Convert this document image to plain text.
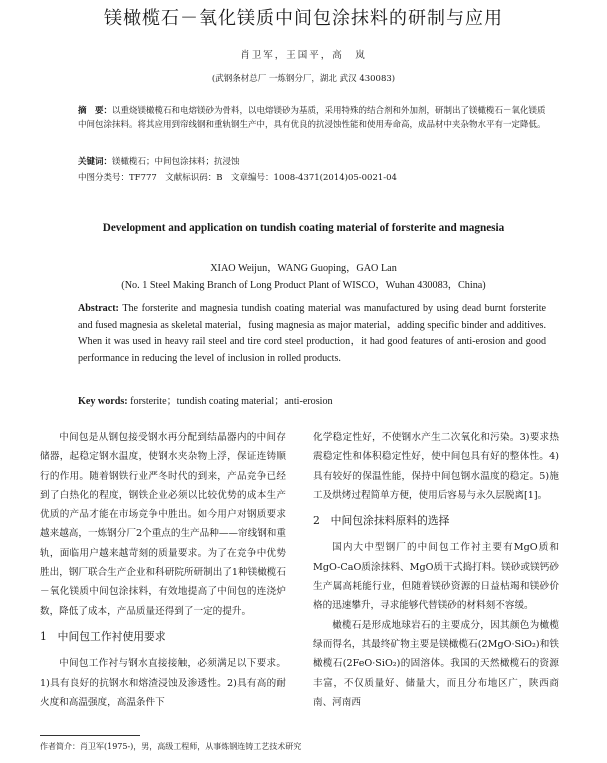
镁橄榄石－氧化镁质中间包涂抹料的研制与应用
肖卫军，王国平，高　岚
(武钢条材总厂 一炼钢分厂，湖北 武汉 430083)
摘　要：以重烧镁橄榄石和电熔镁砂为骨料，以电熔镁砂为基质，采用特殊的结合剂和外加剂，研制出了镁橄榄石－氧化镁质中间包涂抹料。将其应用到帘线钢和重轨钢生产中，具有优良的抗浸蚀性能和使用寿命高，成品材中夹杂物水平有一定降低。
关键词：镁橄榄石；中间包涂抹料；抗浸蚀
中图分类号：TF777　文献标识码：B　文章编号：1008-4371(2014)05-0021-04
Development and application on tundish coating material of forsterite and magnesia
XIAO Weijun，WANG Guoping，GAO Lan
(No. 1 Steel Making Branch of Long Product Plant of WISCO，Wuhan 430083，China)
Abstract: The forsterite and magnesia tundish coating material was manufactured by using dead burnt forsterite and fused magnesia as skeletal material，fusing magnesia as major material，adding specific binder and additives. When it was used in heavy rail steel and tire cord steel production，it had good features of anti-erosion and good performance in reducing the level of inclusion in rolled products.
Key words: forsterite；tundish coating material；anti-erosion

中间包是从钢包接受钢水再分配到结晶器内的中间存储器，起稳定钢水温度，使钢水夹杂物上浮，保证连铸顺行的作用。随着钢铁行业严冬时代的到来，产品竞争已经到了白热化的程度，钢铁企业必须以比较优势的成本生产优质的产品才能在市场竞争中胜出。如今用户对钢质要求越来越高，一炼钢分厂2个重点的生产品种——帘线钢和重轨，面临用户越来越苛刻的质量要求。为了在竞争中优势胜出，钢厂联合生产企业和科研院所研制出了1种镁橄榄石－氧化镁质中间包涂抹料，有效地提高了中间包的连浇炉数，降低了成本，产品质量还得到了一定的提升。

1　中间包工作衬使用要求

中间包工作衬与钢水直接接触，必须满足以下要求。1)具有良好的抗钢水和熔渣浸蚀及渗透性。2)具有高的耐火度和高温强度，高温条件下

化学稳定性好，不使钢水产生二次氧化和污染。3)要求热震稳定性和体积稳定性好，使中间包具有好的整体性。4)具有较好的保温性能，保持中间包钢水温度的稳定。5)施工及烘烤过程简单方便，使用后容易与永久层脱离[1]。

2　中间包涂抹料原料的选择

国内大中型钢厂的中间包工作衬主要有MgO质和MgO-CaO质涂抹料、MgO质干式捣打料。镁砂或镁钙砂生产属高耗能行业，但随着镁砂资源的日益枯竭和镁砂价格的迅速攀升，寻求能够代替镁砂的材料刻不容缓。

橄榄石是形成地球岩石的主要成分，因其颜色为橄榄绿而得名，其最终矿物主要是镁橄榄石(2MgO·SiO₂)和铁橄榄石(2FeO·SiO₂)的固溶体。我国的天然橄榄石的资源丰富，不仅质量好、储量大，而且分布地区广，陕西商南、河南西

作者简介：肖卫军(1975-)，男，高级工程师，从事炼钢连铸工艺技术研究
